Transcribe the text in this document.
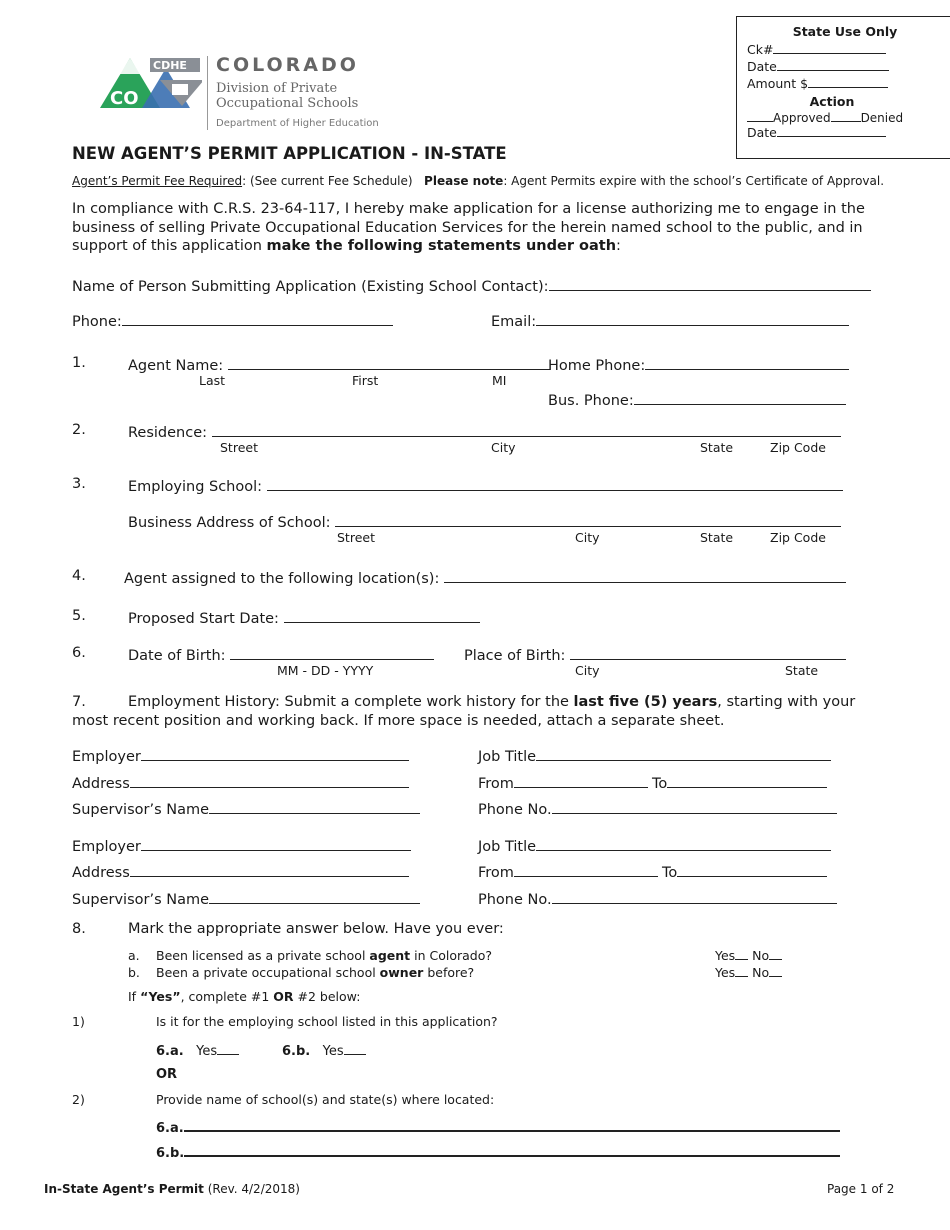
State Use Only
Ck#
Date
Amount $
Action
Approved	Denied
Date
CDHE
CO
COLORADO
Division of Private
Occupational Schools
Department of Higher Education
NEW AGENT’S PERMIT APPLICATION - IN-STATE
Agent’s Permit Fee Required: (See current Fee Schedule) Please note: Agent Permits expire with the school’s Certificate of Approval.
In compliance with C.R.S. 23-64-117, I hereby make application for a license authorizing me to engage in the
business of selling Private Occupational Education Services for the herein named school to the public, and in
support of this application make the following statements under oath:
Name of Person Submitting Application (Existing School Contact):
Phone:	Email:
1.	Agent Name:	Home Phone:
Last	First	MI
Bus. Phone:
2.	Residence:
Street	City	State	Zip Code
3.	Employing School:
Business Address of School:
Street	City	State	Zip Code
4.	Agent assigned to the following location(s):
5.	Proposed Start Date:
6.	Date of Birth:	Place of Birth:
MM - DD - YYYY	City	State
7.	Employment History: Submit a complete work history for the last five (5) years, starting with your
most recent position and working back. If more space is needed, attach a separate sheet.
Employer	Job Title
Address	From	To
Supervisor’s Name	Phone No.
Employer	Job Title
Address	From	To
Supervisor’s Name	Phone No.
8.	Mark the appropriate answer below. Have you ever:
a. Been licensed as a private school agent in Colorado?	Yes No
b. Been a private occupational school owner before?	Yes No
If “Yes”, complete #1 OR #2 below:
1)	Is it for the employing school listed in this application?
6.a. Yes	6.b. Yes
OR
2)	Provide name of school(s) and state(s) where located:
6.a.
6.b.
In-State Agent’s Permit (Rev. 4/2/2018)	Page 1 of 2
